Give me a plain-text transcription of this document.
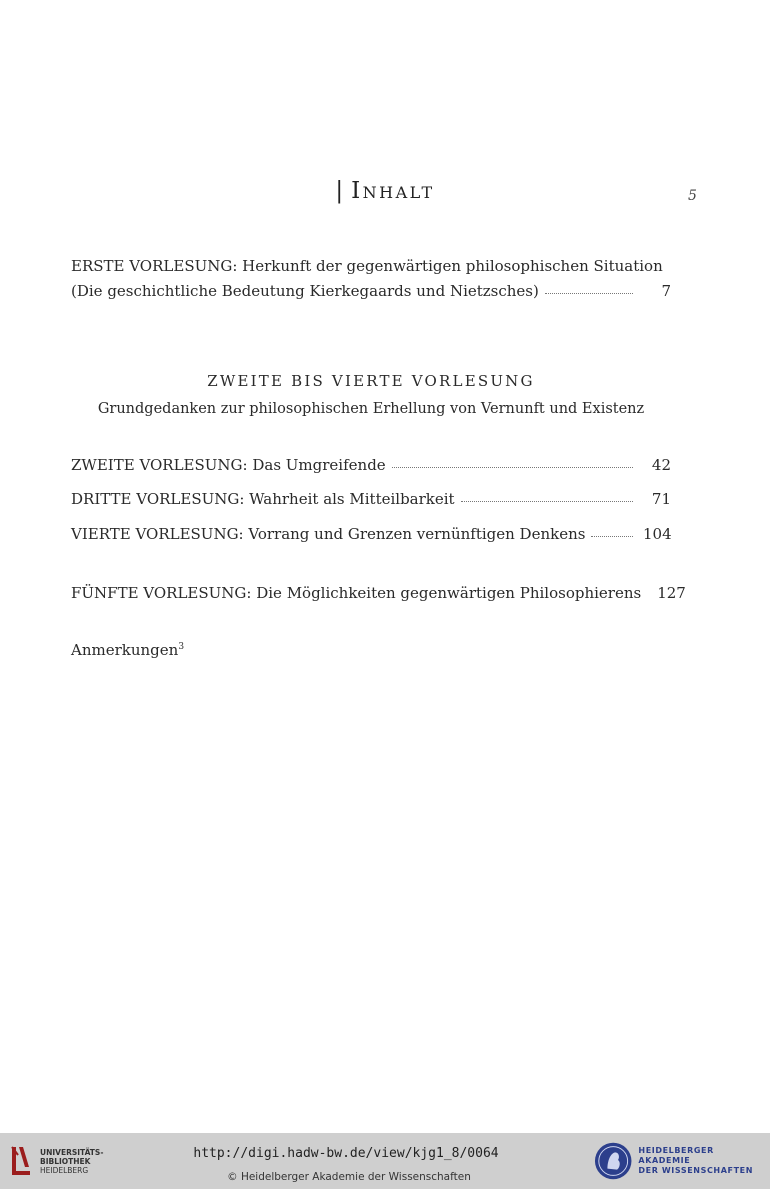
| Inhalt	5
ERSTE VORLESUNG: Herkunft der gegenwärtigen philosophischen Situation
(Die geschichtliche Bedeutung Kierkegaards und Nietzsches)	7
ZWEITE BIS VIERTE VORLESUNG
Grundgedanken zur philosophischen Erhellung von Vernunft und Existenz
ZWEITE VORLESUNG: Das Umgreifende	42
DRITTE VORLESUNG: Wahrheit als Mitteilbarkeit	71
VIERTE VORLESUNG: Vorrang und Grenzen vernünftigen Denkens	104
FÜNFTE VORLESUNG: Die Möglichkeiten gegenwärtigen Philosophierens 127
Anmerkungen$^3$
UNIVERSITÄTS-
BIBLIOTHEK
HEIDELBERG
http://digi.hadw-bw.de/view/kjg1_8/0064
© Heidelberger Akademie der Wissenschaften
HEIDELBERGER AKADEMIE
DER WISSENSCHAFTEN
